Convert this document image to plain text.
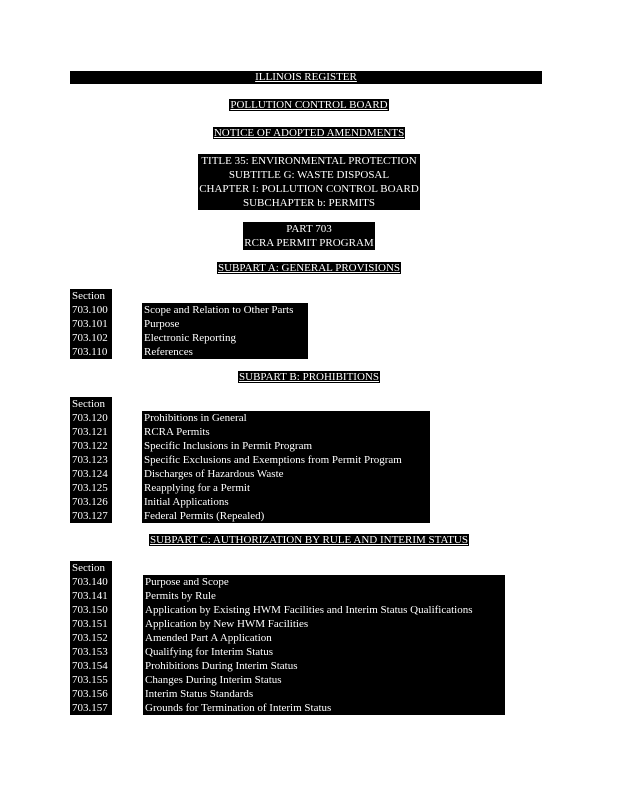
ILLINOIS REGISTER
POLLUTION CONTROL BOARD
NOTICE OF ADOPTED AMENDMENTS
TITLE 35: ENVIRONMENTAL PROTECTION
SUBTITLE G: WASTE DISPOSAL
CHAPTER I: POLLUTION CONTROL BOARD
SUBCHAPTER b: PERMITS
PART 703
RCRA PERMIT PROGRAM
SUBPART A: GENERAL PROVISIONS
Section
703.100	Scope and Relation to Other Parts
703.101	Purpose
703.102	Electronic Reporting
703.110	References
SUBPART B: PROHIBITIONS
Section
703.120	Prohibitions in General
703.121	RCRA Permits
703.122	Specific Inclusions in Permit Program
703.123	Specific Exclusions and Exemptions from Permit Program
703.124	Discharges of Hazardous Waste
703.125	Reapplying for a Permit
703.126	Initial Applications
703.127	Federal Permits (Repealed)
SUBPART C: AUTHORIZATION BY RULE AND INTERIM STATUS
Section
703.140	Purpose and Scope
703.141	Permits by Rule
703.150	Application by Existing HWM Facilities and Interim Status Qualifications
703.151	Application by New HWM Facilities
703.152	Amended Part A Application
703.153	Qualifying for Interim Status
703.154	Prohibitions During Interim Status
703.155	Changes During Interim Status
703.156	Interim Status Standards
703.157	Grounds for Termination of Interim Status
